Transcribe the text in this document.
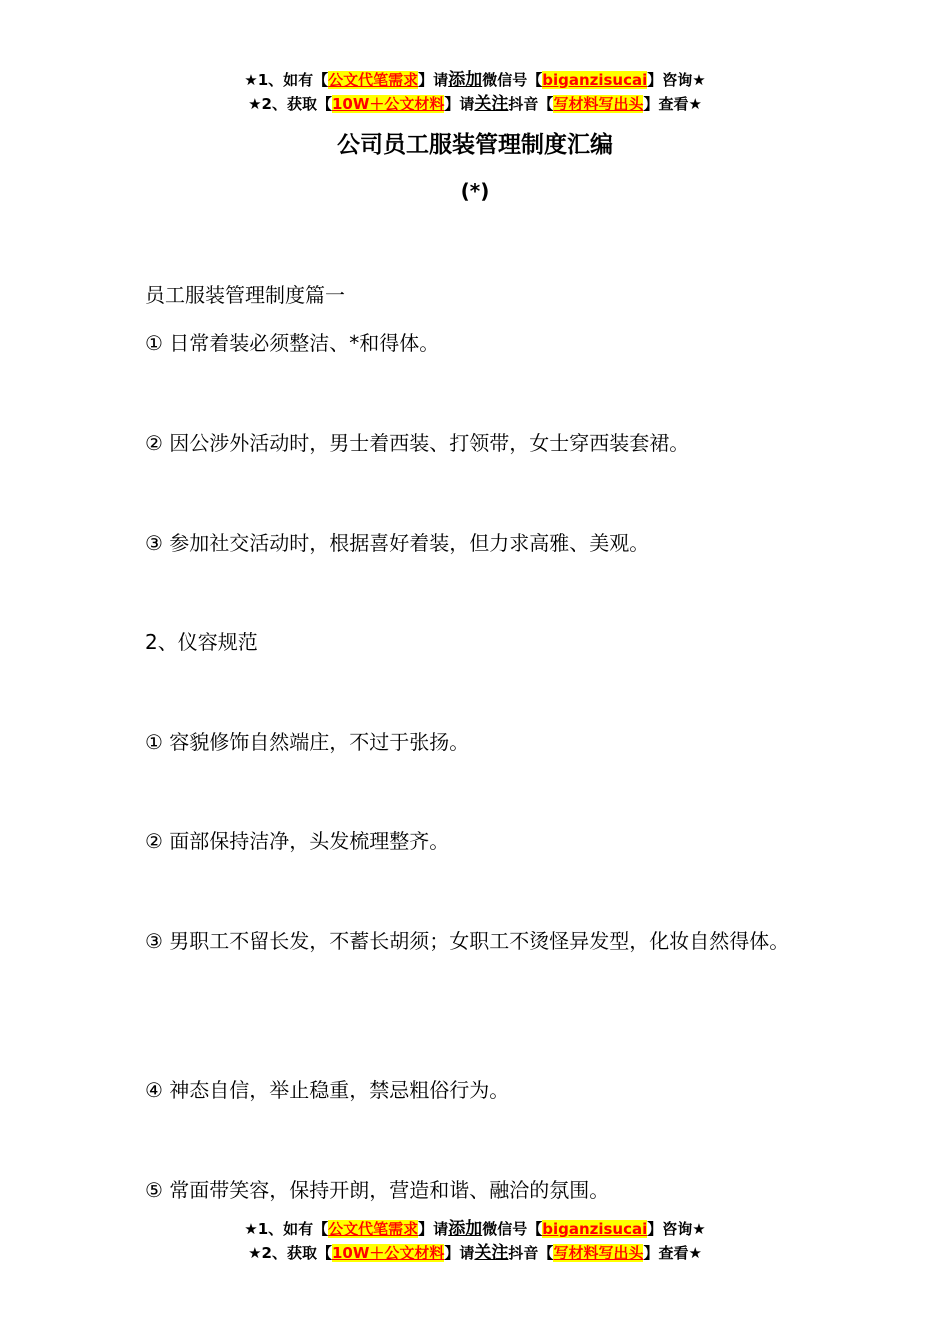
★1、如有【公文代笔需求】请添加微信号【biganzisucai】咨询★
★2、获取【10W＋公文材料】请关注抖音【写材料写出头】查看★
公司员工服装管理制度汇编
(*)

员工服装管理制度篇一

① 日常着装必须整洁、*和得体。

② 因公涉外活动时，男士着西装、打领带，女士穿西装套裙。

③ 参加社交活动时，根据喜好着装，但力求高雅、美观。

2、仪容规范

① 容貌修饰自然端庄，不过于张扬。

② 面部保持洁净，头发梳理整齐。

③ 男职工不留长发，不蓄长胡须；女职工不烫怪异发型，化妆自然得体。

④ 神态自信，举止稳重，禁忌粗俗行为。

⑤ 常面带笑容，保持开朗，营造和谐、融洽的氛围。

★1、如有【公文代笔需求】请添加微信号【biganzisucai】咨询★
★2、获取【10W＋公文材料】请关注抖音【写材料写出头】查看★
